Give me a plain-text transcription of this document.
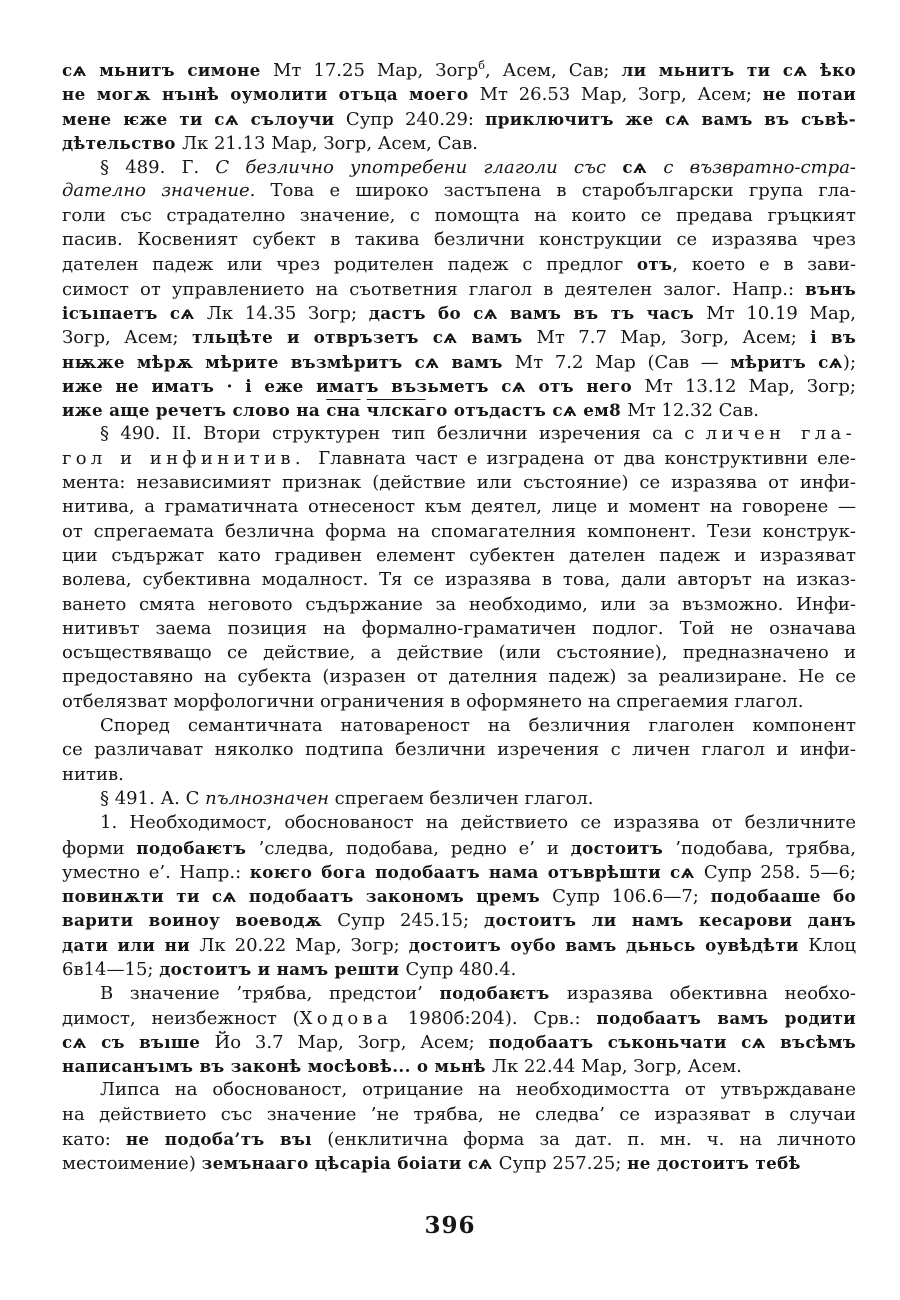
сѧ мьнитъ симоне Мт 17.25 Мар, Зогр$^б$, Асем, Сав; ли мьнитъ ти сѧ ѣко
не могѫ нъıнѣ оумолити отъца моего Мт 26.53 Мар, Зогр, Асем; не потаи
мене ѥже ти сѧ сълоучи Супр 240.29: приключитъ же сѧ вамъ въ съвѣ-
дѣтельство Лк 21.13 Мар, Зогр, Асем, Сав.
§ 489. Г. С безлично употребени глаголи със сѧ с възвратно-стра-
дателно значение. Това е широко застъпена в старобългарски група гла-
голи със страдателно значение, с помощта на които се предава гръцкият
пасив. Косвеният субект в такива безлични конструкции се изразява чрез
дателен падеж или чрез родителен падеж с предлог отъ, което е в зави-
симост от управлението на съответния глагол в деятелен залог. Напр.: вънъ
ісъıпаетъ сѧ Лк 14.35 Зогр; дастъ бо сѧ вамъ въ тъ часъ Мт 10.19 Мар,
Зогр, Асем; тльцѣте и отвръзетъ сѧ вамъ Мт 7.7 Мар, Зогр, Асем; і въ
нѭже мѣрѫ мѣрите възмѣритъ сѧ вамъ Мт 7.2 Мар (Сав — мѣритъ сѧ);
иже не иматъ · і еже иматъ възьметъ сѧ отъ него Мт 13.12 Мар, Зогр;
иже аще речетъ слово на сна члскаго отъдастъ сѧ ем8 Мт 12.32 Сав.
§ 490. II. Втори структурен тип безлични изречения са с личен гла-
гол и инфинитив. Главната част е изградена от два конструктивни еле-
мента: независимият признак (действие или състояние) се изразява от инфи-
нитива, а граматичната отнесеност към деятел, лице и момент на говорене —
от спрегаемата безлична форма на спомагателния компонент. Тези конструк-
ции съдържат като градивен елемент субектен дателен падеж и изразяват
волева, субективна модалност. Тя се изразява в това, дали авторът на изказ-
ването смята неговото съдържание за необходимо, или за възможно. Инфи-
нитивът заема позиция на формално-граматичен подлог. Той не означава
осъществяващо се действие, а действие (или състояние), предназначено и
предоставяно на субекта (изразен от дателния падеж) за реализиране. Не се
отбелязват морфологични ограничения в оформянето на спрегаемия глагол.
Според семантичната натовареност на безличния глаголен компонент
се различават няколко подтипа безлични изречения с личен глагол и инфи-
нитив.
§ 491. А. С пълнозначен спрегаем безличен глагол.
1. Необходимост, обоснованост на действието се изразява от безличните
форми подобаѥтъ ’следва, подобава, редно е’ и достоитъ ’подобава, трябва,
уместно е’. Напр.: коѥго бога подобаатъ нама отъврѣшти сѧ Супр 258. 5—6;
повинѫти ти сѧ подобаатъ закономъ цремъ Супр 106.6—7; подобааше бо
варити воиноу воеводѫ Супр 245.15; достоитъ ли намъ кесарови данъ
дати или ни Лк 20.22 Мар, Зогр; достоитъ оубо вамъ дьньсь оувѣдѣти Клоц
6в14—15; достоитъ и намъ решти Супр 480.4.
В значение ’трябва, предстои’ подобаѥтъ изразява обективна необхо-
димост, неизбежност (Ходова 1980б:204). Срв.: подобаатъ вамъ родити
сѧ съ въıше Йо 3.7 Мар, Зогр, Асем; подобаатъ съконьчати сѧ въсѣмъ
написанъıмъ въ законѣ мосѣовѣ... о мьнѣ Лк 22.44 Мар, Зогр, Асем.
Липса на обоснованост, отрицание на необходимостта от утвърждаване
на действието със значение ’не трябва, не следва’ се изразяват в случаи
като: не подоба’тъ въı (енклитична форма за дат. п. мн. ч. на личното
местоимение) земънааго цѣсаріа боіати сѧ Супр 257.25; не достоитъ тебѣ
396
